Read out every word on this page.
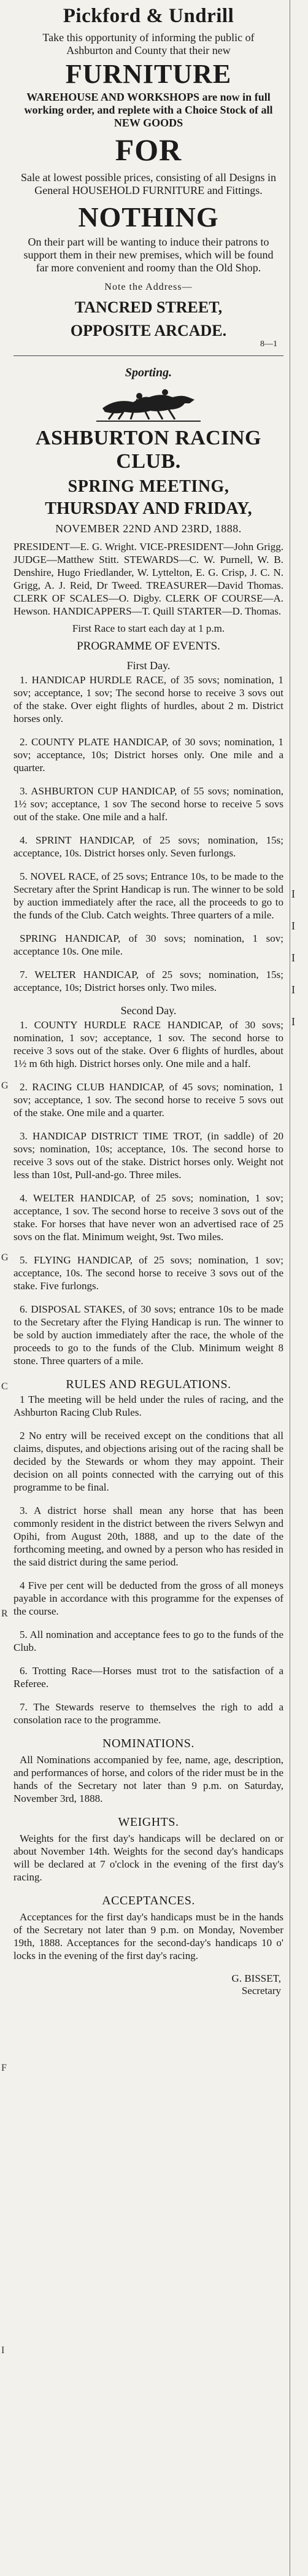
G
G
C
R
F
I
I
I
I
I
I
Pickford & Undrill
Take this opportunity of informing the public of Ashburton and County that their new
FURNITURE
WAREHOUSE AND WORKSHOPS are now in full working order, and replete with a Choice Stock of all NEW GOODS
FOR
Sale at lowest possible prices, consisting of all Designs in General HOUSEHOLD FURNITURE and Fittings.
NOTHING
On their part will be wanting to induce their patrons to support them in their new premises, which will be found far more convenient and roomy than the Old Shop.
Note the Address—
TANCRED STREET,
OPPOSITE ARCADE.
8—1
Sporting.
ASHBURTON RACING CLUB.
SPRING MEETING,
THURSDAY AND FRIDAY,
NOVEMBER 22ND AND 23RD, 1888.
PRESIDENT—E. G. Wright. VICE-PRESIDENT—John Grigg. JUDGE—Matthew Stitt. STEWARDS—C. W. Purnell, W. B. Denshire, Hugo Friedlander, W. Lyttelton, E. G. Crisp, J. C. N. Grigg, A. J. Reid, Dr Tweed. TREASURER—David Thomas. CLERK OF SCALES—O. Digby. CLERK OF COURSE—A. Hewson. HANDICAPPERS—T. Quill STARTER—D. Thomas.
First Race to start each day at 1 p.m.
PROGRAMME OF EVENTS.
First Day.

1. HANDICAP HURDLE RACE, of 35 sovs; nomination, 1 sov; acceptance, 1 sov; The second horse to receive 3 sovs out of the stake. Over eight flights of hurdles, about 2 m. District horses only.

2. COUNTY PLATE HANDICAP, of 30 sovs; nomination, 1 sov; acceptance, 10s; District horses only. One mile and a quarter.

3. ASHBURTON CUP HANDICAP, of 55 sovs; nomination, 1½ sov; acceptance, 1 sov The second horse to receive 5 sovs out of the stake. One mile and a half.

4. SPRINT HANDICAP, of 25 sovs; nomination, 15s; acceptance, 10s. District horses only. Seven furlongs.

5. NOVEL RACE, of 25 sovs; Entrance 10s, to be made to the Secretary after the Sprint Handicap is run. The winner to be sold by auction immediately after the race, all the proceeds to go to the funds of the Club. Catch weights. Three quarters of a mile.

SPRING HANDICAP, of 30 sovs; nomination, 1 sov; acceptance 10s. One mile.

7. WELTER HANDICAP, of 25 sovs; nomination, 15s; acceptance, 10s; District horses only. Two miles.

Second Day.

1. COUNTY HURDLE RACE HANDICAP, of 30 sovs; nomination, 1 sov; acceptance, 1 sov. The second horse to receive 3 sovs out of the stake. Over 6 flights of hurdles, about 1½ m 6th high. District horses only. One mile and a half.

2. RACING CLUB HANDICAP, of 45 sovs; nomination, 1 sov; acceptance, 1 sov. The second horse to receive 5 sovs out of the stake. One mile and a quarter.

3. HANDICAP DISTRICT TIME TROT, (in saddle) of 20 sovs; nomination, 10s; acceptance, 10s. The second horse to receive 3 sovs out of the stake. District horses only. Weight not less than 10st, Pull-and-go. Three miles.

4. WELTER HANDICAP, of 25 sovs; nomination, 1 sov; acceptance, 1 sov. The second horse to receive 3 sovs out of the stake. For horses that have never won an advertised race of 25 sovs on the flat. Minimum weight, 9st. Two miles.

5. FLYING HANDICAP, of 25 sovs; nomination, 1 sov; acceptance, 10s. The second horse to receive 3 sovs out of the stake. Five furlongs.

6. DISPOSAL STAKES, of 30 sovs; entrance 10s to be made to the Secretary after the Flying Handicap is run. The winner to be sold by auction immediately after the race, the whole of the proceeds to go to the funds of the Club. Minimum weight 8 stone. Three quarters of a mile.

RULES AND REGULATIONS.

1 The meeting will be held under the rules of racing, and the Ashburton Racing Club Rules.

2 No entry will be received except on the conditions that all claims, disputes, and objections arising out of the racing shall be decided by the Stewards or whom they may appoint. Their decision on all points connected with the carrying out of this programme to be final.

3. A district horse shall mean any horse that has been commonly resident in the district between the rivers Selwyn and Opihi, from August 20th, 1888, and up to the date of the forthcoming meeting, and owned by a person who has resided in the said district during the same period.

4 Five per cent will be deducted from the gross of all moneys payable in accordance with this programme for the expenses of the course.

5. All nomination and acceptance fees to go to the funds of the Club.

6. Trotting Race—Horses must trot to the satisfaction of a Referee.

7. The Stewards reserve to themselves the righ to add a consolation race to the programme.

NOMINATIONS.

All Nominations accompanied by fee, name, age, description, and performances of horse, and colors of the rider must be in the hands of the Secretary not later than 9 p.m. on Saturday, November 3rd, 1888.

WEIGHTS.

Weights for the first day's handicaps will be declared on or about November 14th. Weights for the second day's handicaps will be declared at 7 o'clock in the evening of the first day's racing.

ACCEPTANCES.

Acceptances for the first day's handicaps must be in the hands of the Secretary not later than 9 p.m. on Monday, November 19th, 1888. Acceptances for the second-day's handicaps 10 o' locks in the evening of the first day's racing.

G. BISSET,
Secretary
